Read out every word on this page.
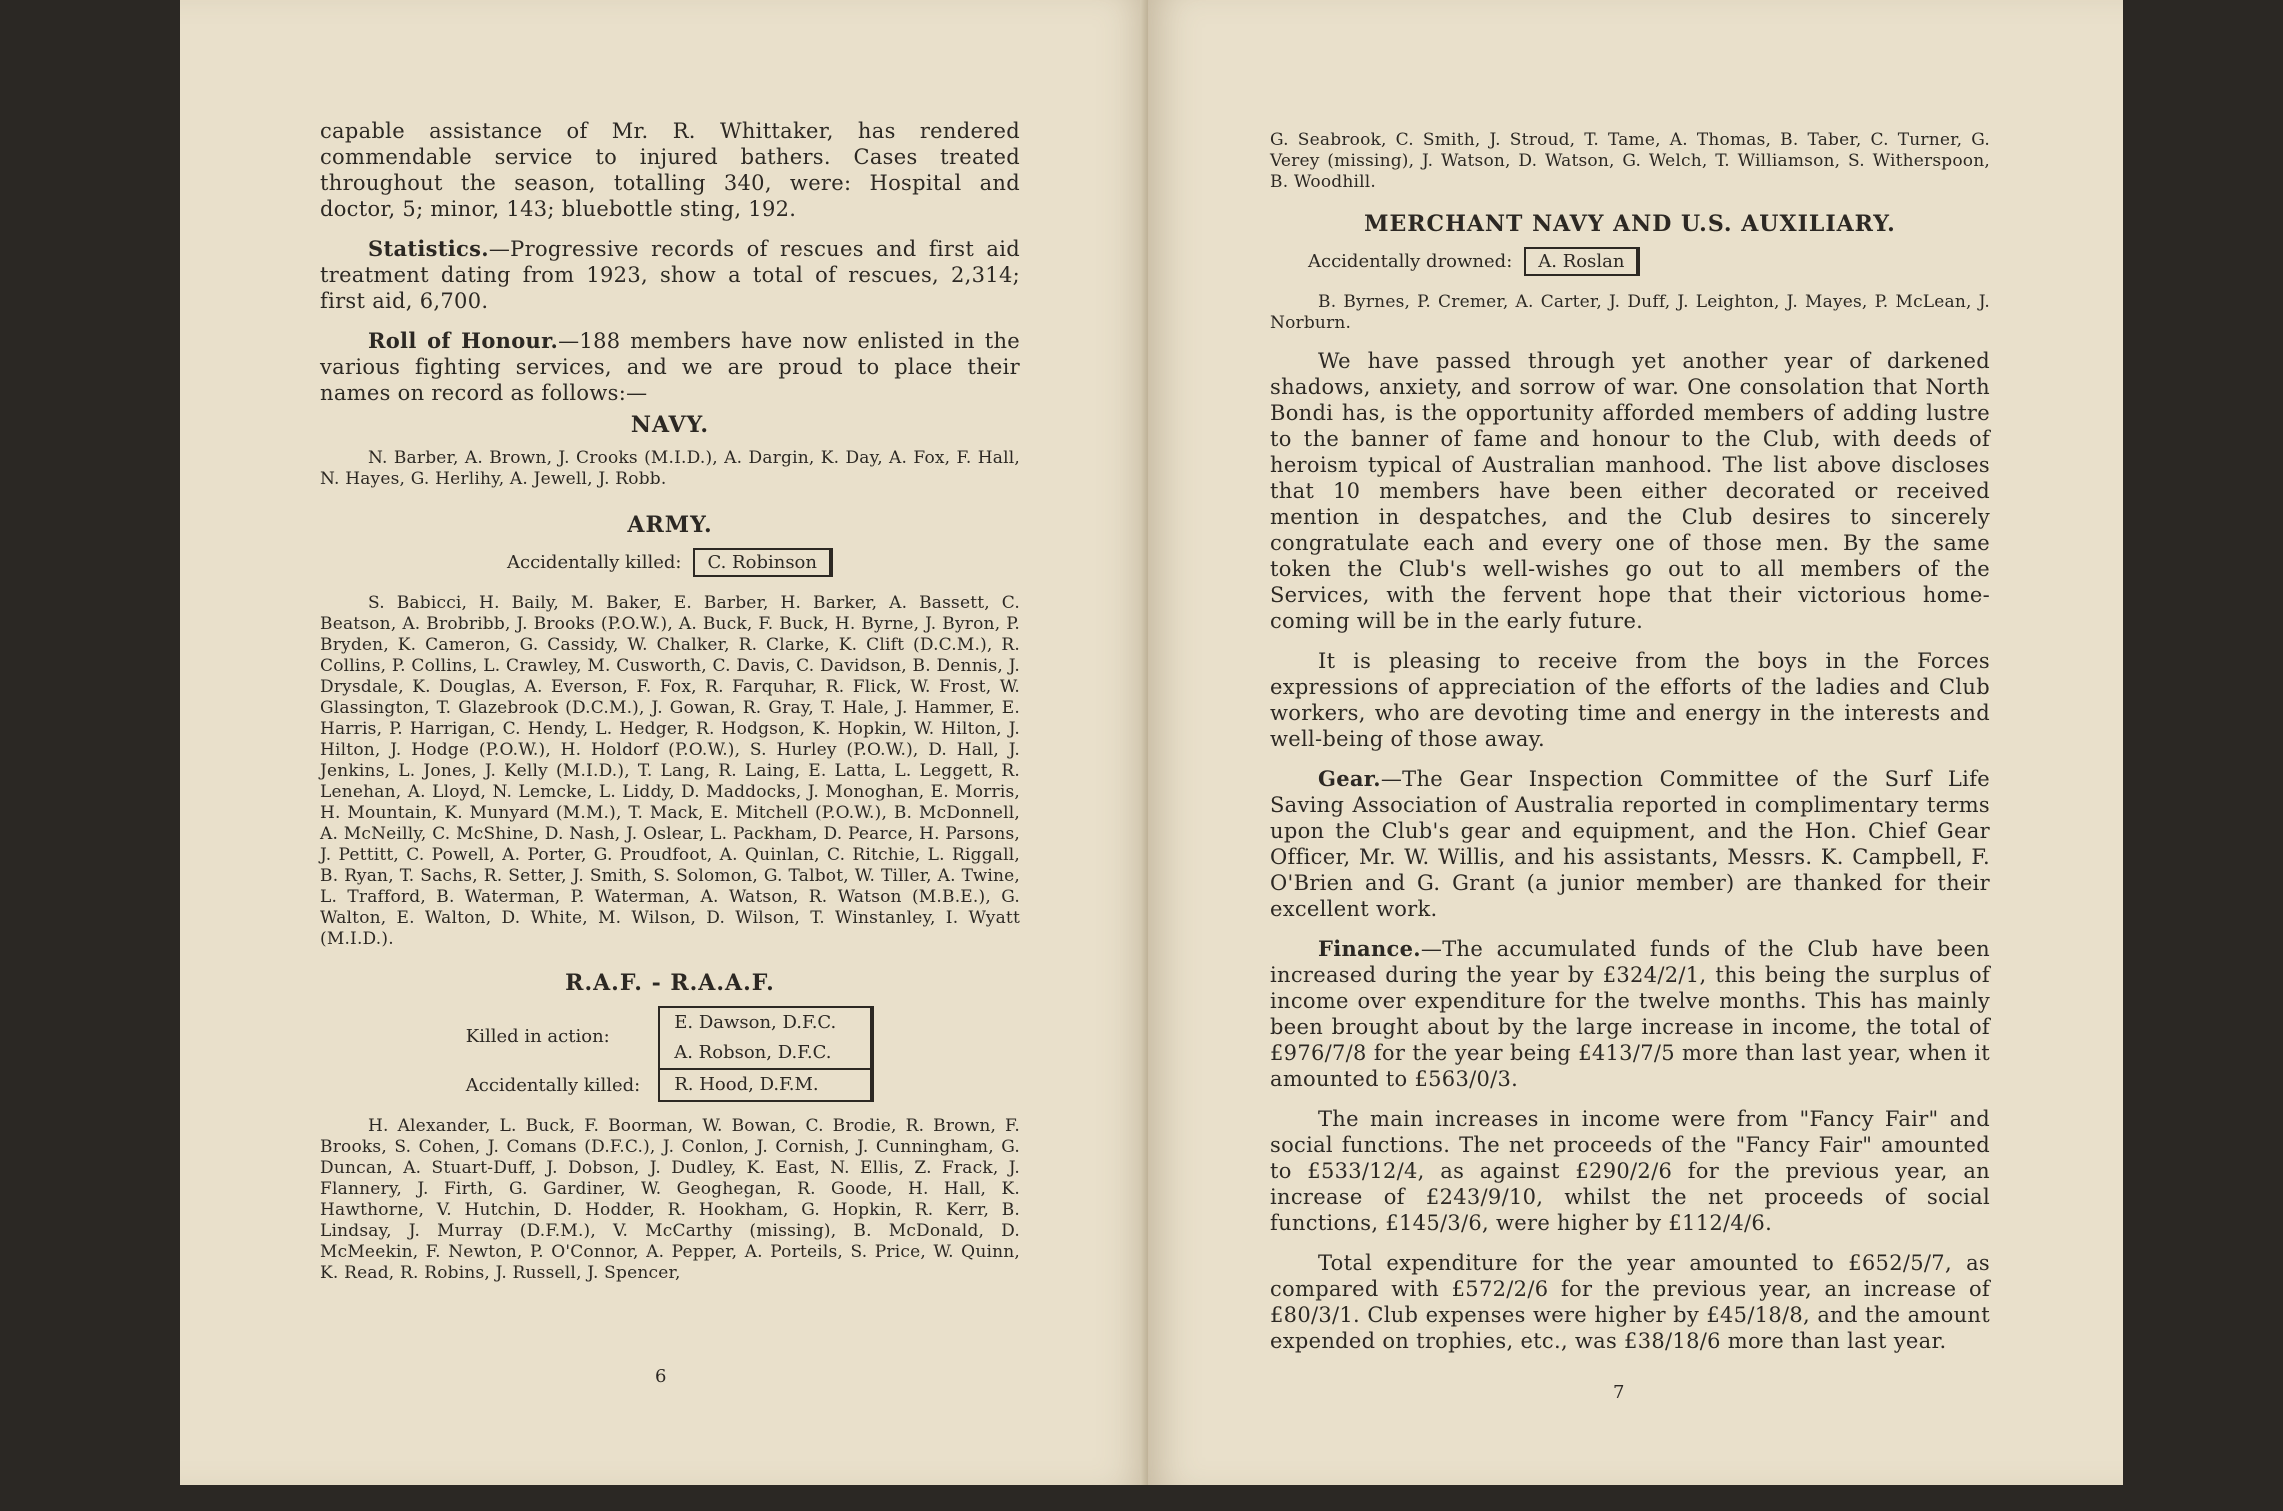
capable assistance of Mr. R. Whittaker, has rendered commendable service to injured bathers. Cases treated throughout the season, totalling 340, were: Hospital and doctor, 5; minor, 143; bluebottle sting, 192.

Statistics.—Progressive records of rescues and first aid treatment dating from 1923, show a total of rescues, 2,314; first aid, 6,700.

Roll of Honour.—188 members have now enlisted in the various fighting services, and we are proud to place their names on record as follows:—

NAVY.

N. Barber, A. Brown, J. Crooks (M.I.D.), A. Dargin, K. Day, A. Fox, F. Hall, N. Hayes, G. Herlihy, A. Jewell, J. Robb.

ARMY.
Accidentally killed:	C. Robinson

S. Babicci, H. Baily, M. Baker, E. Barber, H. Barker, A. Bassett, C. Beatson, A. Brobribb, J. Brooks (P.O.W.), A. Buck, F. Buck, H. Byrne, J. Byron, P. Bryden, K. Cameron, G. Cassidy, W. Chalker, R. Clarke, K. Clift (D.C.M.), R. Collins, P. Collins, L. Crawley, M. Cusworth, C. Davis, C. Davidson, B. Dennis, J. Drysdale, K. Douglas, A. Everson, F. Fox, R. Farquhar, R. Flick, W. Frost, W. Glassington, T. Glazebrook (D.C.M.), J. Gowan, R. Gray, T. Hale, J. Hammer, E. Harris, P. Harrigan, C. Hendy, L. Hedger, R. Hodgson, K. Hopkin, W. Hilton, J. Hilton, J. Hodge (P.O.W.), H. Holdorf (P.O.W.), S. Hurley (P.O.W.), D. Hall, J. Jenkins, L. Jones, J. Kelly (M.I.D.), T. Lang, R. Laing, E. Latta, L. Leggett, R. Lenehan, A. Lloyd, N. Lemcke, L. Liddy, D. Maddocks, J. Monoghan, E. Morris, H. Mountain, K. Munyard (M.M.), T. Mack, E. Mitchell (P.O.W.), B. McDonnell, A. McNeilly, C. McShine, D. Nash, J. Oslear, L. Packham, D. Pearce, H. Parsons, J. Pettitt, C. Powell, A. Porter, G. Proudfoot, A. Quinlan, C. Ritchie, L. Riggall, B. Ryan, T. Sachs, R. Setter, J. Smith, S. Solomon, G. Talbot, W. Tiller, A. Twine, L. Trafford, B. Waterman, P. Waterman, A. Watson, R. Watson (M.B.E.), G. Walton, E. Walton, D. White, M. Wilson, D. Wilson, T. Winstanley, I. Wyatt (M.I.D.).

R.A.F. - R.A.A.F.
Killed in action:
Accidentally killed:
E. Dawson, D.F.C.
A. Robson, D.F.C.
R. Hood, D.F.M.

H. Alexander, L. Buck, F. Boorman, W. Bowan, C. Brodie, R. Brown, F. Brooks, S. Cohen, J. Comans (D.F.C.), J. Conlon, J. Cornish, J. Cunningham, G. Duncan, A. Stuart-Duff, J. Dobson, J. Dudley, K. East, N. Ellis, Z. Frack, J. Flannery, J. Firth, G. Gardiner, W. Geoghegan, R. Goode, H. Hall, K. Hawthorne, V. Hutchin, D. Hodder, R. Hookham, G. Hopkin, R. Kerr, B. Lindsay, J. Murray (D.F.M.), V. McCarthy (missing), B. McDonald, D. McMeekin, F. Newton, P. O'Connor, A. Pepper, A. Porteils, S. Price, W. Quinn, K. Read, R. Robins, J. Russell, J. Spencer,

6

G. Seabrook, C. Smith, J. Stroud, T. Tame, A. Thomas, B. Taber, C. Turner, G. Verey (missing), J. Watson, D. Watson, G. Welch, T. Williamson, S. Witherspoon, B. Woodhill.

MERCHANT NAVY AND U.S. AUXILIARY.
Accidentally drowned:	A. Roslan

B. Byrnes, P. Cremer, A. Carter, J. Duff, J. Leighton, J. Mayes, P. McLean, J. Norburn.

We have passed through yet another year of darkened shadows, anxiety, and sorrow of war. One consolation that North Bondi has, is the opportunity afforded members of adding lustre to the banner of fame and honour to the Club, with deeds of heroism typical of Australian manhood. The list above discloses that 10 members have been either decorated or received mention in despatches, and the Club desires to sincerely congratulate each and every one of those men. By the same token the Club's well-wishes go out to all members of the Services, with the fervent hope that their victorious home-coming will be in the early future.

It is pleasing to receive from the boys in the Forces expressions of appreciation of the efforts of the ladies and Club workers, who are devoting time and energy in the interests and well-being of those away.

Gear.—The Gear Inspection Committee of the Surf Life Saving Association of Australia reported in complimentary terms upon the Club's gear and equipment, and the Hon. Chief Gear Officer, Mr. W. Willis, and his assistants, Messrs. K. Campbell, F. O'Brien and G. Grant (a junior member) are thanked for their excellent work.

Finance.—The accumulated funds of the Club have been increased during the year by £324/2/1, this being the surplus of income over expenditure for the twelve months. This has mainly been brought about by the large increase in income, the total of £976/7/8 for the year being £413/7/5 more than last year, when it amounted to £563/0/3.

The main increases in income were from "Fancy Fair" and social functions. The net proceeds of the "Fancy Fair" amounted to £533/12/4, as against £290/2/6 for the previous year, an increase of £243/9/10, whilst the net proceeds of social functions, £145/3/6, were higher by £112/4/6.

Total expenditure for the year amounted to £652/5/7, as compared with £572/2/6 for the previous year, an increase of £80/3/1. Club expenses were higher by £45/18/8, and the amount expended on trophies, etc., was £38/18/6 more than last year.

7
